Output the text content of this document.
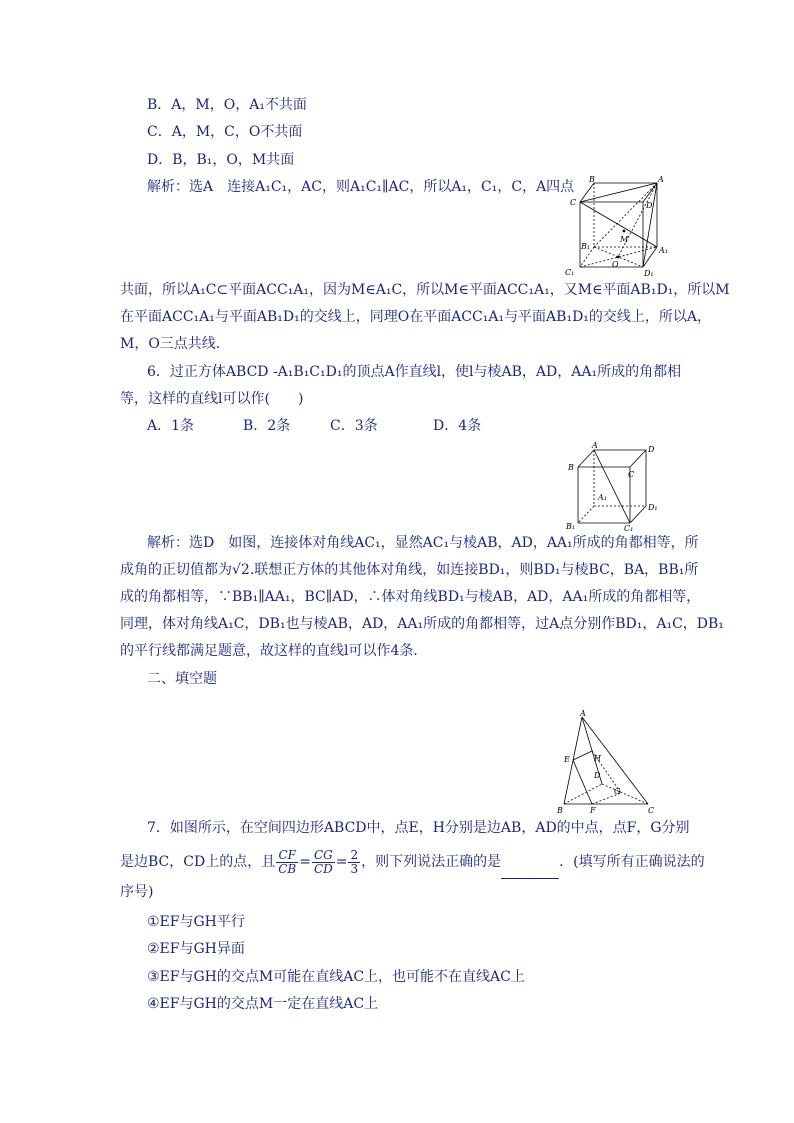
B．A，M，O，A₁不共面
C．A，M，C，O不共面
D．B，B₁，O，M共面
解析：选A　连接A₁C₁，AC，则A₁C₁∥AC，所以A₁，C₁，C，A四点 B	A
C	D
M
B₁	A₁
C₁
O
D₁
共面，所以A₁C⊂平面ACC₁A₁，因为M∈A₁C，所以M∈平面ACC₁A₁，又M∈平面AB₁D₁，所以M
在平面ACC₁A₁与平面AB₁D₁的交线上，同理O在平面ACC₁A₁与平面AB₁D₁的交线上，所以A，
M，O三点共线．
6．过正方体ABCD -A₁B₁C₁D₁的顶点A作直线l，使l与棱AB，AD，AA₁所成的角都相
等，这样的直线l可以作(　　)
A．1条	B．2条	C．3条	D．4条
A	D
B
C
A₁
D₁
B₁	C₁
解析：选D　如图，连接体对角线AC₁，显然AC₁与棱AB，AD，AA₁所成的角都相等，所
成角的正切值都为√2.联想正方体的其他体对角线，如连接BD₁，则BD₁与棱BC，BA，BB₁所
成的角都相等，∵BB₁∥AA₁，BC∥AD，∴体对角线BD₁与棱AB，AD，AA₁所成的角都相等，
同理，体对角线A₁C，DB₁也与棱AB，AD，AA₁所成的角都相等，过A点分别作BD₁，A₁C，DB₁
的平行线都满足题意，故这样的直线l可以作4条．
二、填空题
A
E	H
D
G
B	F	C
7．如图所示，在空间四边形ABCD中，点E，H分别是边AB，AD的中点，点F，G分别
是边BC，CD上的点，且 $\frac{CF}{CB} = \frac{CG}{CD} = \frac{2}{3}$ ，则下列说法正确的是	．(填写所有正确说法的
序号)
①EF与GH平行
②EF与GH异面
③EF与GH的交点M可能在直线AC上，也可能不在直线AC上
④EF与GH的交点M一定在直线AC上
